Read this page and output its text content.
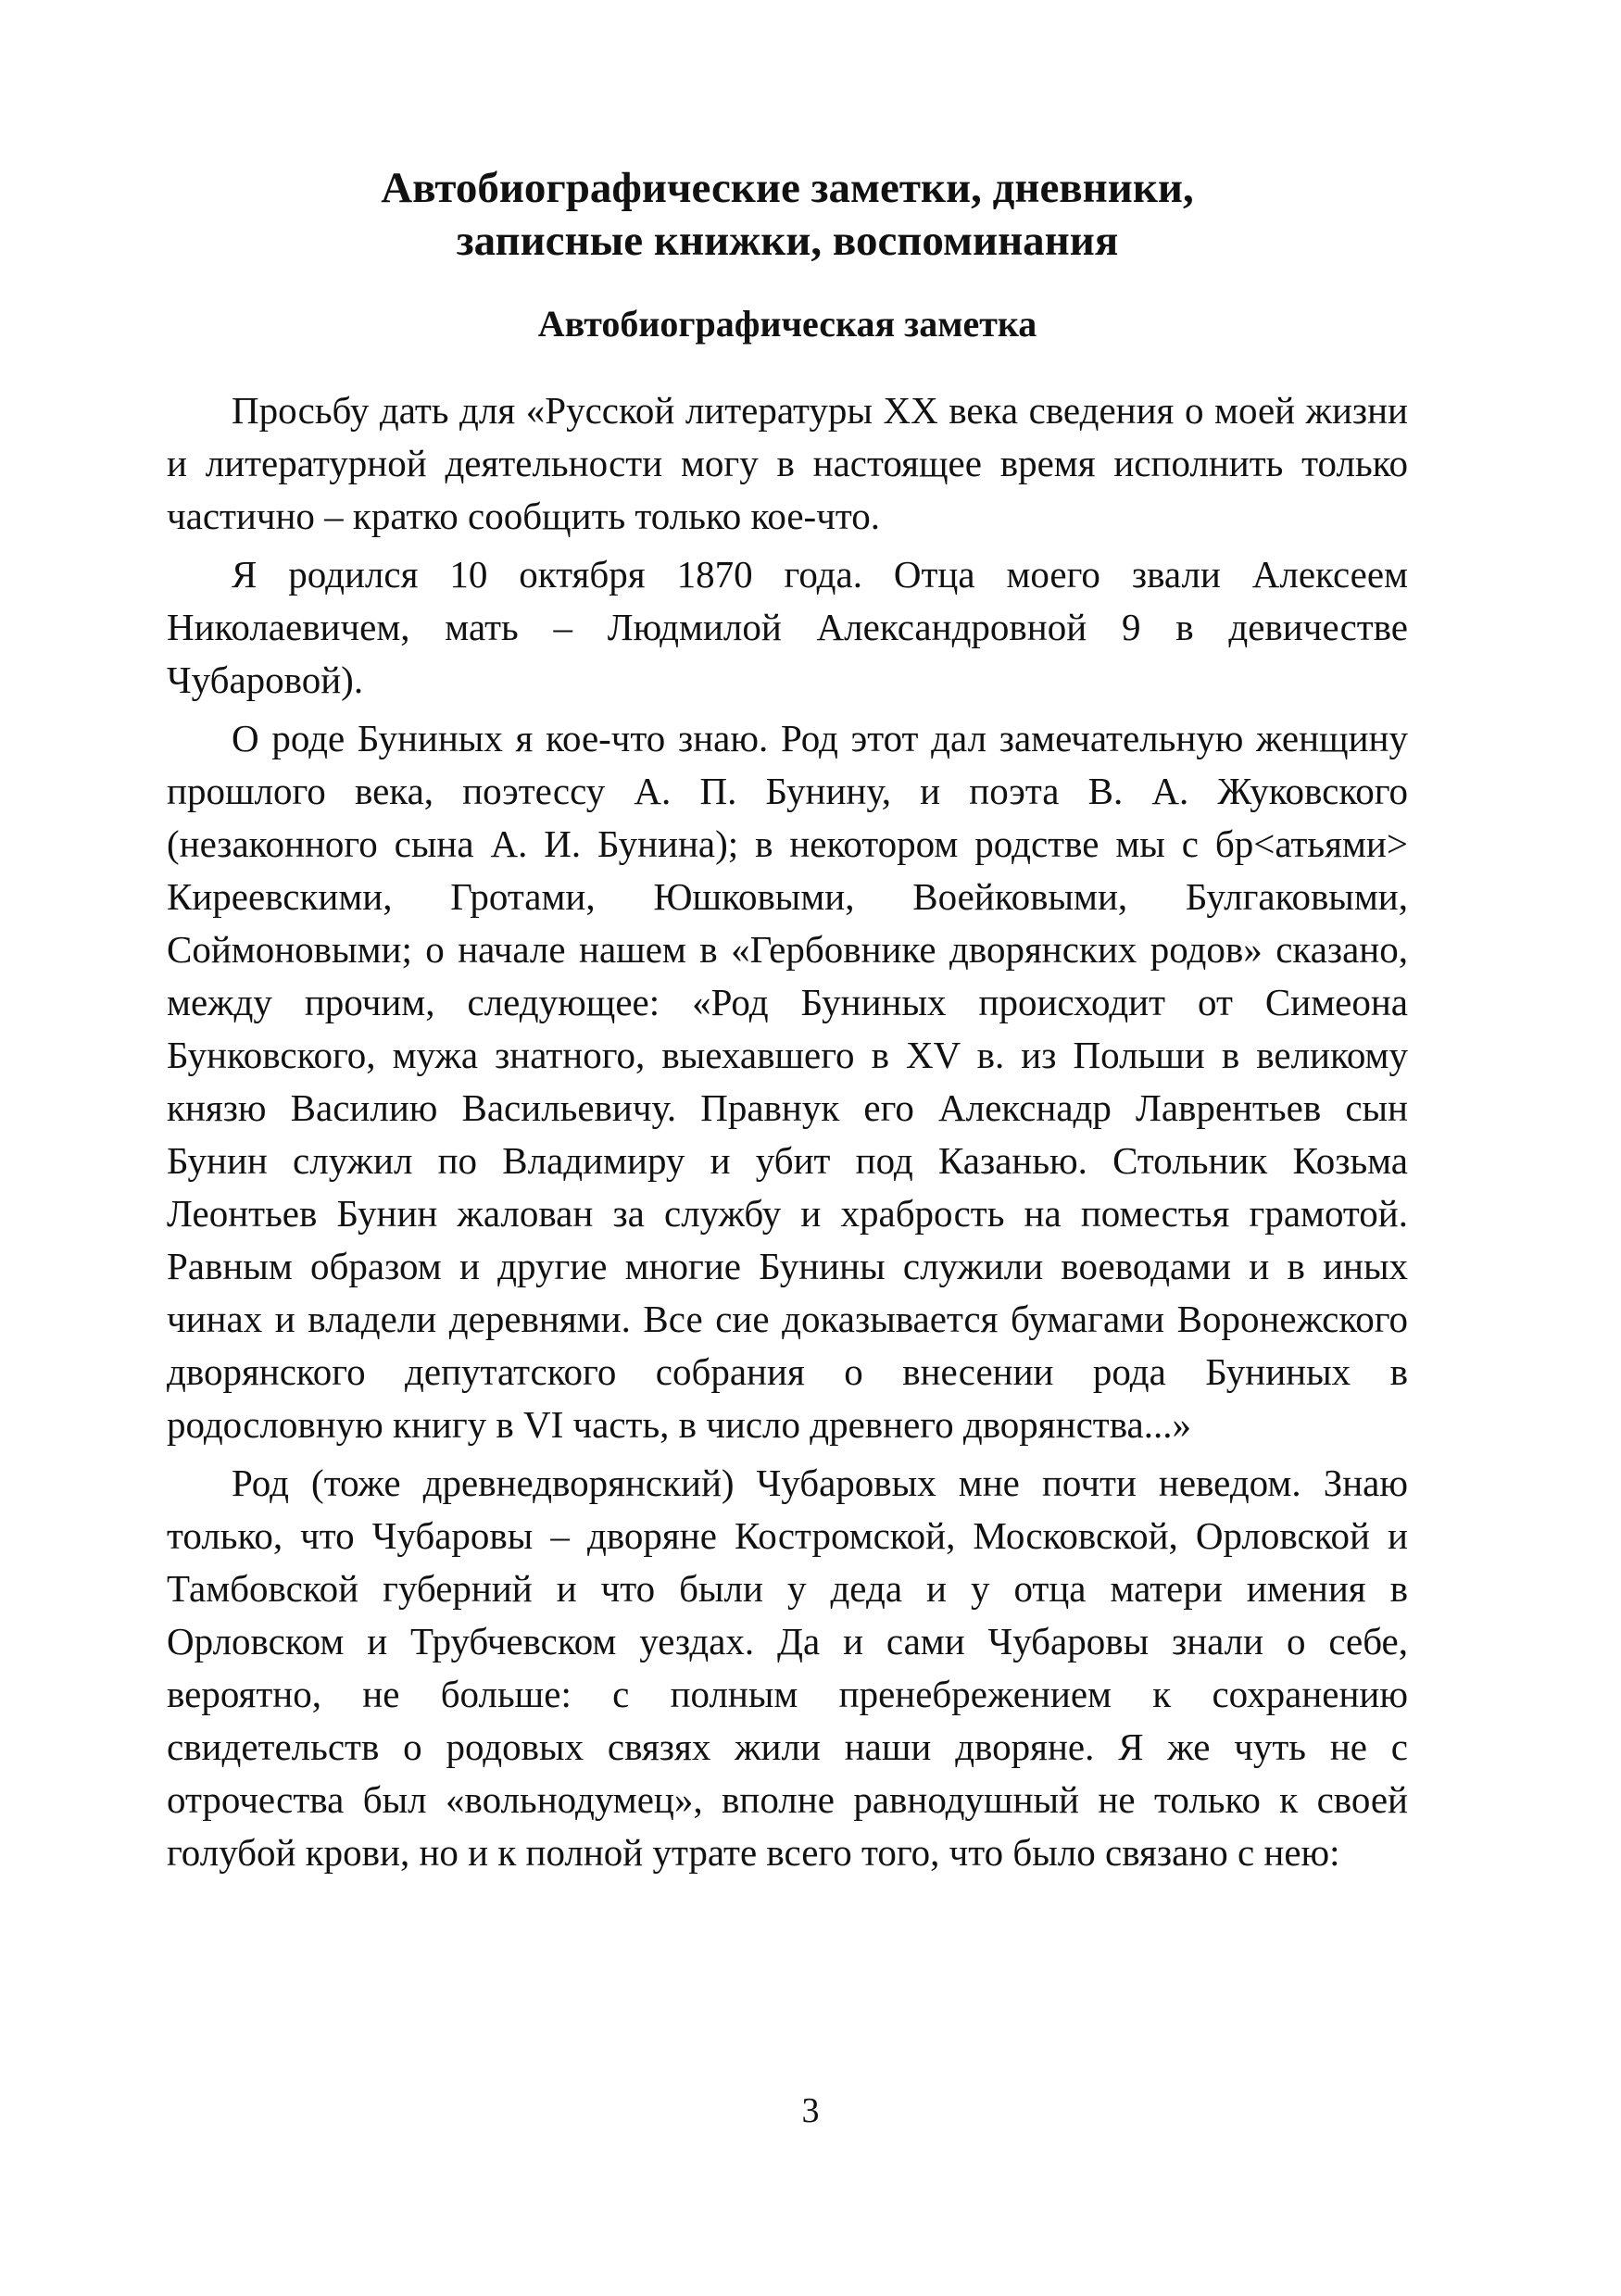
Автобиографические заметки, дневники,
записные книжки, воспоминания
Автобиографическая заметка

Просьбу дать для «Русской литературы XX века сведения о моей жизни и литературной деятельности могу в настоящее время исполнить только частично – кратко сообщить только кое-что.

Я родился 10 октября 1870 года. Отца моего звали Алексеем Николаевичем, мать – Людмилой Александровной 9 в девичестве Чубаровой).

О роде Буниных я кое-что знаю. Род этот дал замечательную женщину прошлого века, поэтессу А. П. Бунину, и поэта В. А. Жуковского (незаконного сына А. И. Бунина); в некотором родстве мы с бр<атьями> Киреевскими, Гротами, Юшковыми, Воейковыми, Булгаковыми, Соймоновыми; о начале нашем в «Гербовнике дворянских родов» сказано, между прочим, следующее: «Род Буниных происходит от Симеона Бунковского, мужа знатного, выехавшего в XV в. из Польши в великому князю Василию Васильевичу. Правнук его Алекснадр Лаврентьев сын Бунин служил по Владимиру и убит под Казанью. Стольник Козьма Леонтьев Бунин жалован за службу и храбрость на поместья грамотой. Равным образом и другие многие Бунины служили воеводами и в иных чинах и владели деревнями. Все сие доказывается бумагами Воронежского дворянского депутатского собрания о внесении рода Буниных в родословную книгу в VI часть, в число древнего дворянства...»

Род (тоже древнедворянский) Чубаровых мне почти неведом. Знаю только, что Чубаровы – дворяне Костромской, Московской, Орловской и Тамбовской губерний и что были у деда и у отца матери имения в Орловском и Трубчевском уездах. Да и сами Чубаровы знали о себе, вероятно, не больше: с полным пренебрежением к сохранению свидетельств о родовых связях жили наши дворяне. Я же чуть не с отрочества был «вольнодумец», вполне равнодушный не только к своей голубой крови, но и к полной утрате всего того, что было связано с нею:

3
